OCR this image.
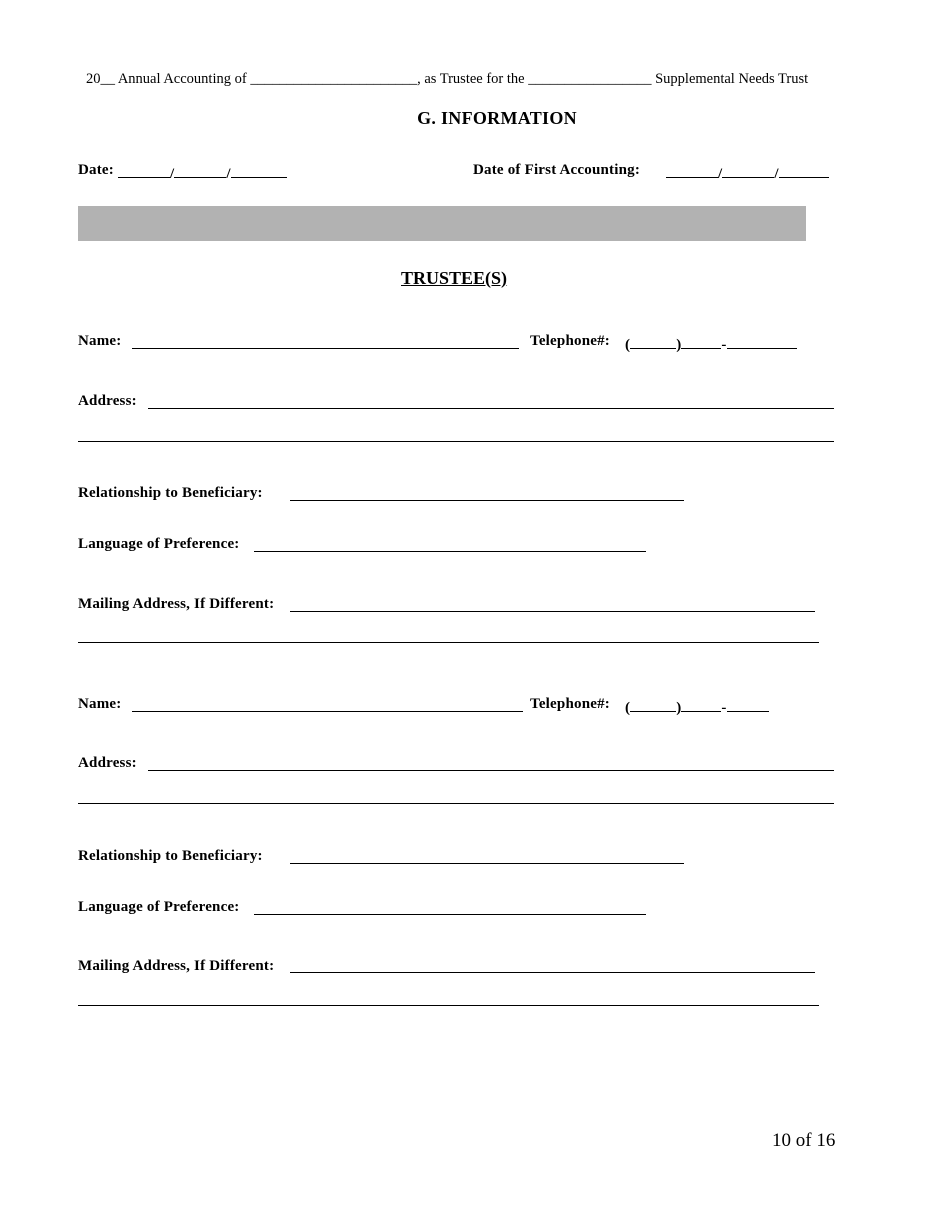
20__ Annual Accounting of _______________________, as Trustee for the _________________ Supplemental Needs Trust
G. INFORMATION
Date:	/	/	Date of First Accounting:	/	/
TRUSTEE(S)
Name:	Telephone#: (	)	-
Address:
Relationship to Beneficiary:
Language of Preference:
Mailing Address, If Different:
Name:	Telephone#: (	)	-
Address:
Relationship to Beneficiary:
Language of Preference:
Mailing Address, If Different:
10 of 16
